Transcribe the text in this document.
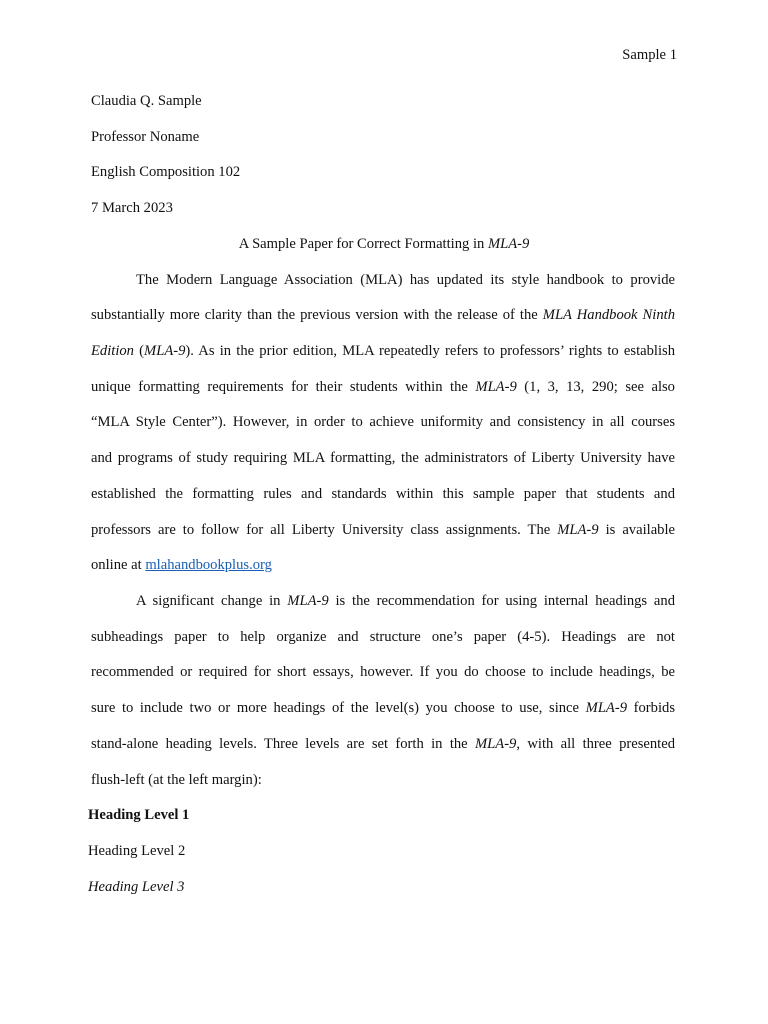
Sample 1
Claudia Q. Sample
Professor Noname
English Composition 102
7 March 2023
A Sample Paper for Correct Formatting in MLA-9
The Modern Language Association (MLA) has updated its style handbook to provide
substantially more clarity than the previous version with the release of the MLA Handbook Ninth
Edition (MLA-9). As in the prior edition, MLA repeatedly refers to professors’ rights to establish
unique formatting requirements for their students within the MLA-9 (1, 3, 13, 290; see also
“MLA Style Center”). However, in order to achieve uniformity and consistency in all courses
and programs of study requiring MLA formatting, the administrators of Liberty University have
established the formatting rules and standards within this sample paper that students and
professors are to follow for all Liberty University class assignments. The MLA-9 is available
online at mlahandbookplus.org
A significant change in MLA-9 is the recommendation for using internal headings and
subheadings paper to help organize and structure one’s paper (4-5). Headings are not
recommended or required for short essays, however. If you do choose to include headings, be
sure to include two or more headings of the level(s) you choose to use, since MLA-9 forbids
stand-alone heading levels. Three levels are set forth in the MLA-9, with all three presented
flush-left (at the left margin):
Heading Level 1
Heading Level 2
Heading Level 3
